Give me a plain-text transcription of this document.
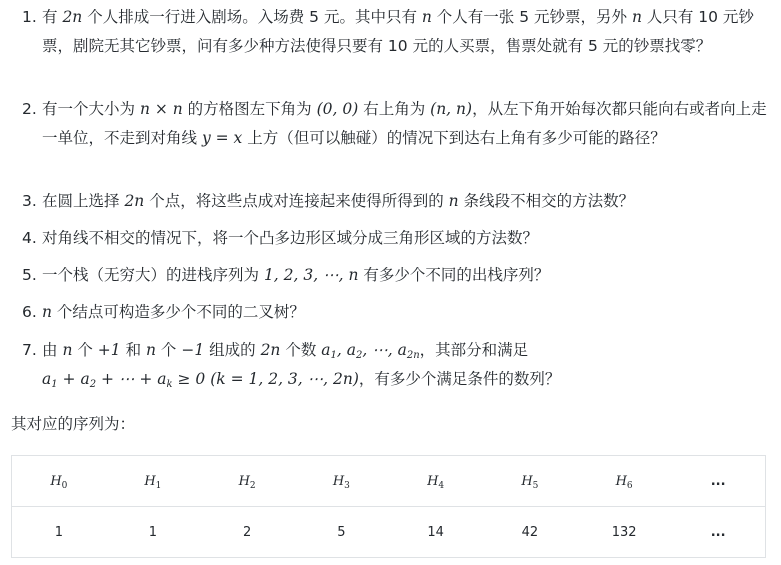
1. 有 2n 个人排成一行进入剧场。入场费 5 元。其中只有 n 个人有一张 5 元钞票，另外 n 人只有 10 元钞票，剧院无其它钞票，问有多少种方法使得只要有 10 元的人买票，售票处就有 5 元的钞票找零？
2. 有一个大小为 n × n 的方格图左下角为 (0, 0) 右上角为 (n, n)，从左下角开始每次都只能向右或者向上走一单位，不走到对角线 y = x 上方（但可以触碰）的情况下到达右上角有多少可能的路径？
3. 在圆上选择 2n 个点，将这些点成对连接起来使得所得到的 n 条线段不相交的方法数？
4. 对角线不相交的情况下，将一个凸多边形区域分成三角形区域的方法数？
5. 一个栈（无穷大）的进栈序列为 1, 2, 3, ⋯, n 有多少个不同的出栈序列？
6. n 个结点可构造多少个不同的二叉树？
7. 由 n 个 +1 和 n 个 −1 组成的 2n 个数 $a_1$, $a_2$, ⋯, $a_{2n}$，其部分和满足
$a_1 + a_2$ + ⋯ + $a_k \ge 0$ (k = 1, 2, 3, ⋯, 2n)，有多少个满足条件的数列？

其对应的序列为：

$H_0$	$H_1$	$H_2$	$H_3$	$H_4$	$H_5$	$H_6$	...
1	1	2	5	14	42	132	...
